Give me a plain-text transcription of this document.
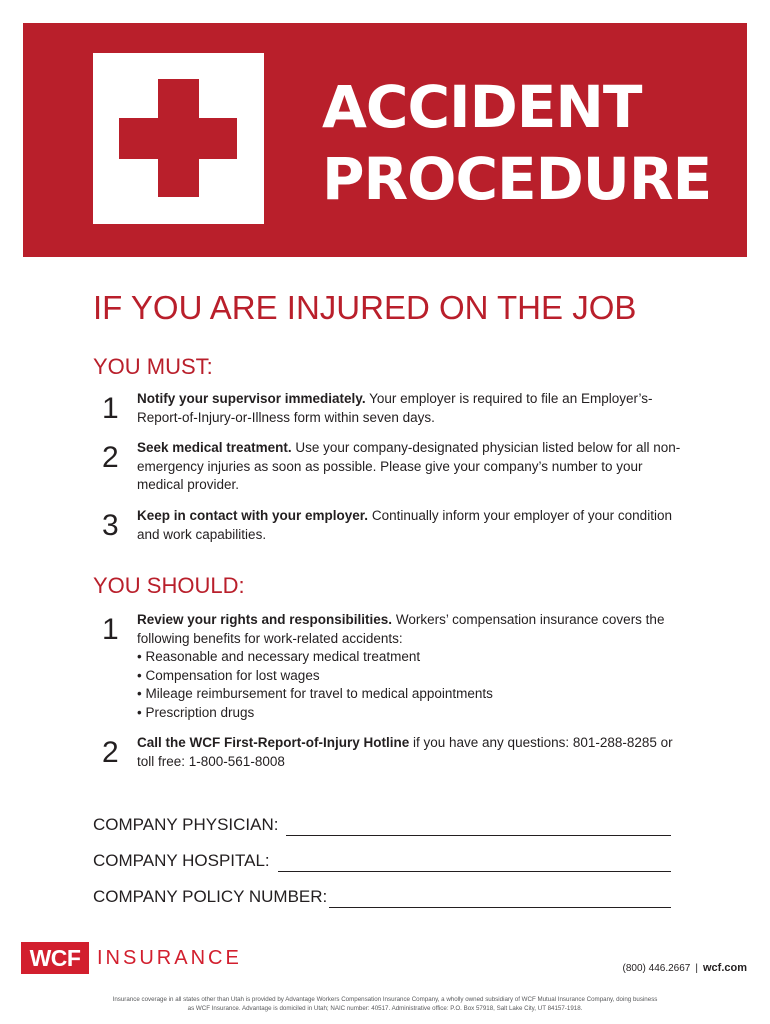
ACCIDENT
PROCEDURE
IF YOU ARE INJURED ON THE JOB
YOU MUST:
1 Notify your supervisor immediately. Your employer is required to file an Employer’s-Report-of-Injury-or-Illness form within seven days.
2 Seek medical treatment. Use your company-designated physician listed below for all non-emergency injuries as soon as possible. Please give your company’s number to your medical provider.
3 Keep in contact with your employer. Continually inform your employer of your condition and work capabilities.
YOU SHOULD:
1 Review your rights and responsibilities. Workers’ compensation insurance covers the following benefits for work-related accidents:
• Reasonable and necessary medical treatment
• Compensation for lost wages
• Mileage reimbursement for travel to medical appointments
• Prescription drugs
2 Call the WCF First-Report-of-Injury Hotline if you have any questions: 801-288-8285 or toll free: 1-800-561-8008
COMPANY PHYSICIAN:
COMPANY HOSPITAL:
COMPANY POLICY NUMBER:
WCF INSURANCE	(800) 446.2667 | wcf.com
Insurance coverage in all states other than Utah is provided by Advantage Workers Compensation Insurance Company, a wholly owned subsidiary of WCF Mutual Insurance Company, doing business as WCF Insurance. Advantage is domiciled in Utah; NAIC number: 40517. Administrative office: P.O. Box 57918, Salt Lake City, UT 84157-1918.
